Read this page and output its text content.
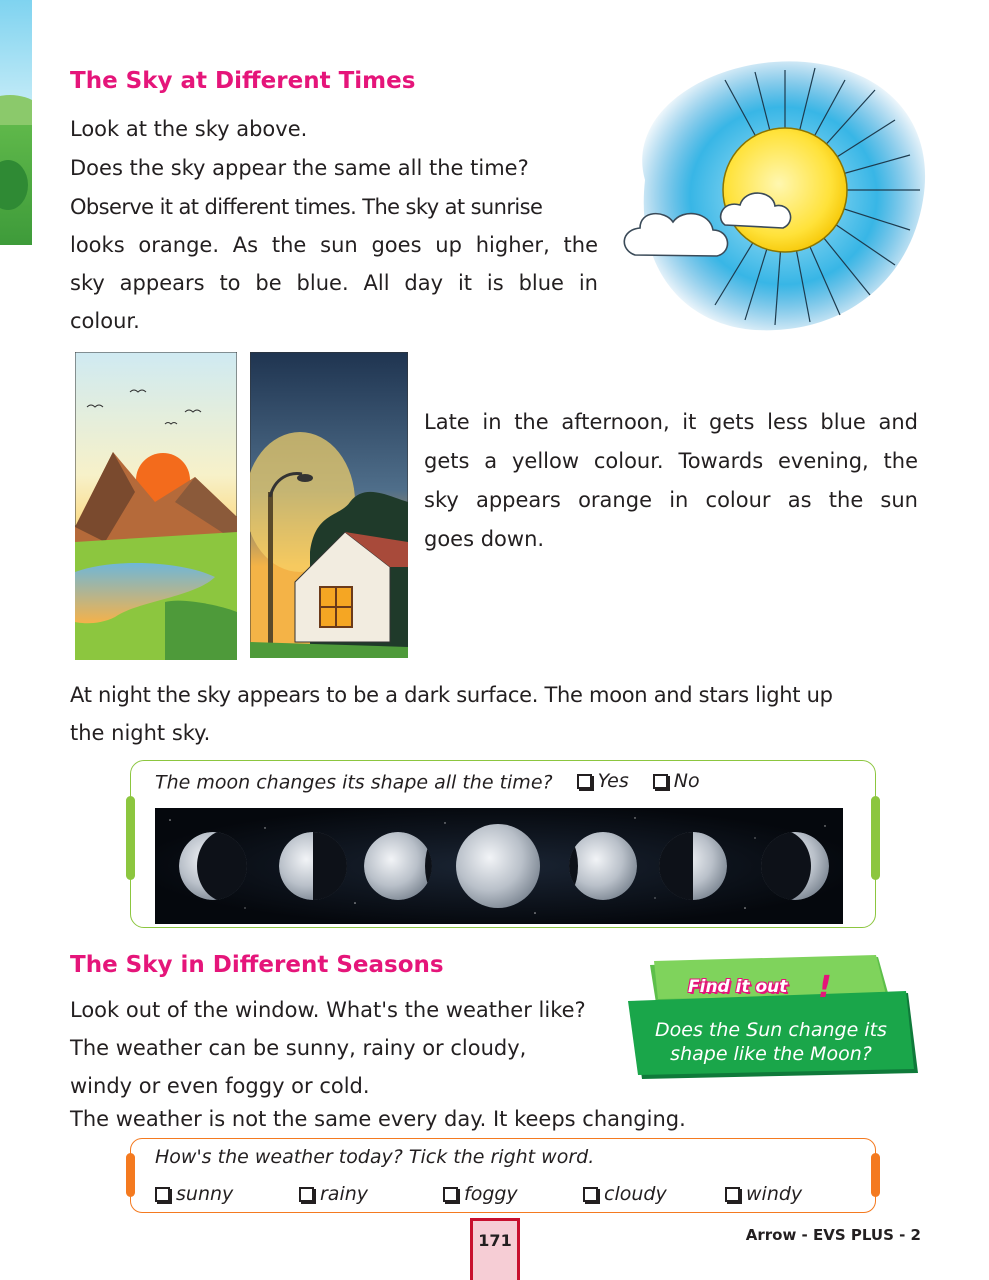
The Sky at Different Times
Look at the sky above.
Does the sky appear the same all the time?
Observe it at different times. The sky at sunrise
looks orange. As the sun goes up higher, the
sky appears to be blue. All day it is blue in
colour.
Late in the afternoon, it gets less blue and
gets a yellow colour. Towards evening, the
sky appears orange in colour as the sun
goes down.
At night the sky appears to be a dark surface. The moon and stars light up
the night sky.
The moon changes its shape all the time? Yes
No
The Sky in Different Seasons
Look out of the window. What's the weather like?
The weather can be sunny, rainy or cloudy,
windy or even foggy or cold.
The weather is not the same every day. It keeps changing.
Find it out !
Does the Sun change its shape like the Moon?
How's the weather today? Tick the right word.
sunny	rainy	foggy	cloudy	windy
171	Arrow - EVS PLUS - 2
